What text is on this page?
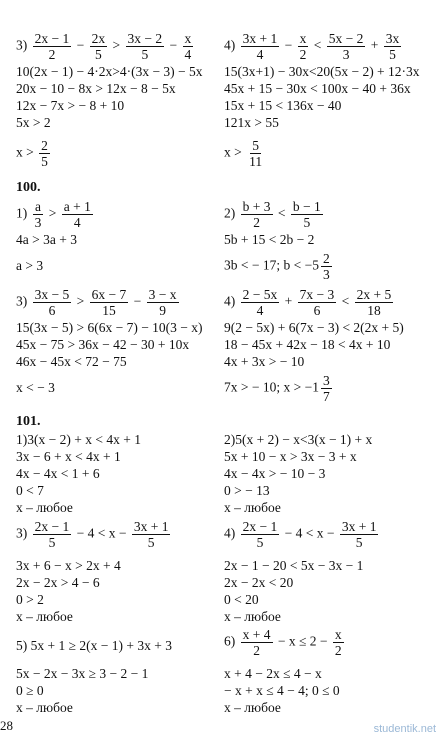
$3) \frac{2x - 1}{2} - \frac{2x}{5} > \frac{3x - 2}{5} - \frac{x}{4}$
10(2x − 1) − 4·2x>4·(3x − 3) − 5x
20x − 10 − 8x > 12x − 8 − 5x
12x − 7x > − 8 + 10
5x > 2
$x > \frac{2}{5}$
$4) \frac{3x + 1}{4} - \frac{x}{2} < \frac{5x - 2}{3} + \frac{3x}{5}$
15(3x+1) − 30x<20(5x − 2) + 12·3x
45x + 15 − 30x < 100x − 40 + 36x
15x + 15 < 136x − 40
121x > 55
$x > \frac{5}{11}$
100.
$1) \frac{a}{3} > \frac{a + 1}{4}$
4a > 3a + 3
a > 3
$2) \frac{b + 3}{2} < \frac{b - 1}{5}$
5b + 15 < 2b − 2
3b < − 17; $b < -5 \frac{2}{3}$
$3) \frac{3x - 5}{6} > \frac{6x - 7}{15} - \frac{3 - x}{9}$
15(3x − 5) > 6(6x − 7) − 10(3 − x)
45x − 75 > 36x − 42 − 30 + 10x
46x − 45x < 72 − 75
x < − 3
$4) \frac{2 - 5x}{4} + \frac{7x - 3}{6} < \frac{2x + 5}{18}$
9(2 − 5x) + 6(7x − 3) < 2(2x + 5)
18 − 45x + 42x − 18 < 4x + 10
4x + 3x > − 10
7x > − 10; $x > -1 \frac{3}{7}$
101.
1)3(x − 2) + x < 4x + 1
3x − 6 + x < 4x + 1
4x − 4x < 1 + 6
0 < 7
x – любое
2)5(x + 2) − x<3(x − 1) + x
5x + 10 − x > 3x − 3 + x
4x − 4x > − 10 − 3
0 > − 13
x – любое
$3) \frac{2x - 1}{5} - 4 < x - \frac{3x + 1}{5}$
3x + 6 − x > 2x + 4
2x − 2x > 4 − 6
0 > 2
x – любое
$4) \frac{2x - 1}{5} - 4 < x - \frac{3x + 1}{5}$
2x − 1 − 20 < 5x − 3x − 1
2x − 2x < 20
0 < 20
x – любое
5) 5x + 1 ≥ 2(x − 1) + 3x + 3
5x − 2x − 3x ≥ 3 − 2 − 1
0 ≥ 0
x – любое
$6) \frac{x + 4}{2} - x \le 2 - \frac{x}{2}$
x + 4 − 2x ≤ 4 − x
− x + x ≤ 4 − 4; 0 ≤ 0
x – любое
28	studentik.net
